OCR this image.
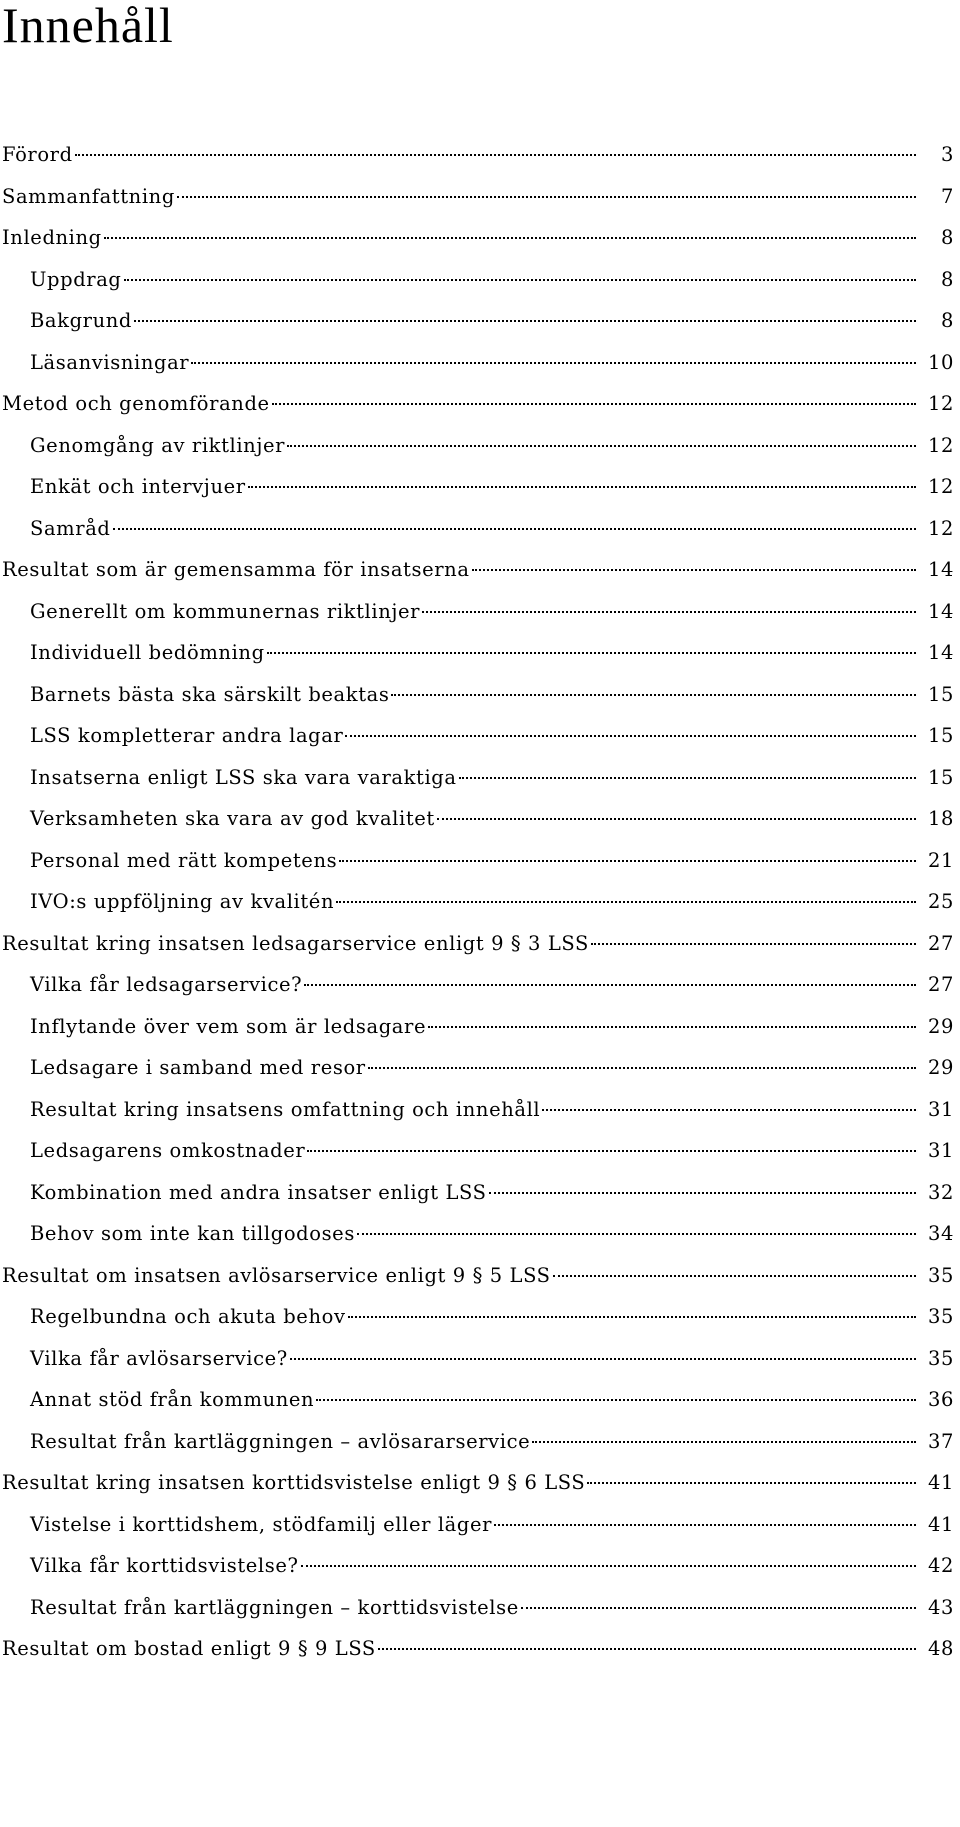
Innehåll
Förord	3
Sammanfattning	7
Inledning	8
Uppdrag	8
Bakgrund	8
Läsanvisningar	10
Metod och genomförande	12
Genomgång av riktlinjer	12
Enkät och intervjuer	12
Samråd	12
Resultat som är gemensamma för insatserna	14
Generellt om kommunernas riktlinjer	14
Individuell bedömning	14
Barnets bästa ska särskilt beaktas	15
LSS kompletterar andra lagar	15
Insatserna enligt LSS ska vara varaktiga	15
Verksamheten ska vara av god kvalitet	18
Personal med rätt kompetens	21
IVO:s uppföljning av kvalitén	25
Resultat kring insatsen ledsagarservice enligt 9 § 3 LSS	27
Vilka får ledsagarservice?	27
Inflytande över vem som är ledsagare	29
Ledsagare i samband med resor	29
Resultat kring insatsens omfattning och innehåll	31
Ledsagarens omkostnader	31
Kombination med andra insatser enligt LSS	32
Behov som inte kan tillgodoses	34
Resultat om insatsen avlösarservice enligt 9 § 5 LSS	35
Regelbundna och akuta behov	35
Vilka får avlösarservice?	35
Annat stöd från kommunen	36
Resultat från kartläggningen – avlösararservice	37
Resultat kring insatsen korttidsvistelse enligt 9 § 6 LSS	41
Vistelse i korttidshem, stödfamilj eller läger	41
Vilka får korttidsvistelse?	42
Resultat från kartläggningen – korttidsvistelse	43
Resultat om bostad enligt 9 § 9 LSS	48
